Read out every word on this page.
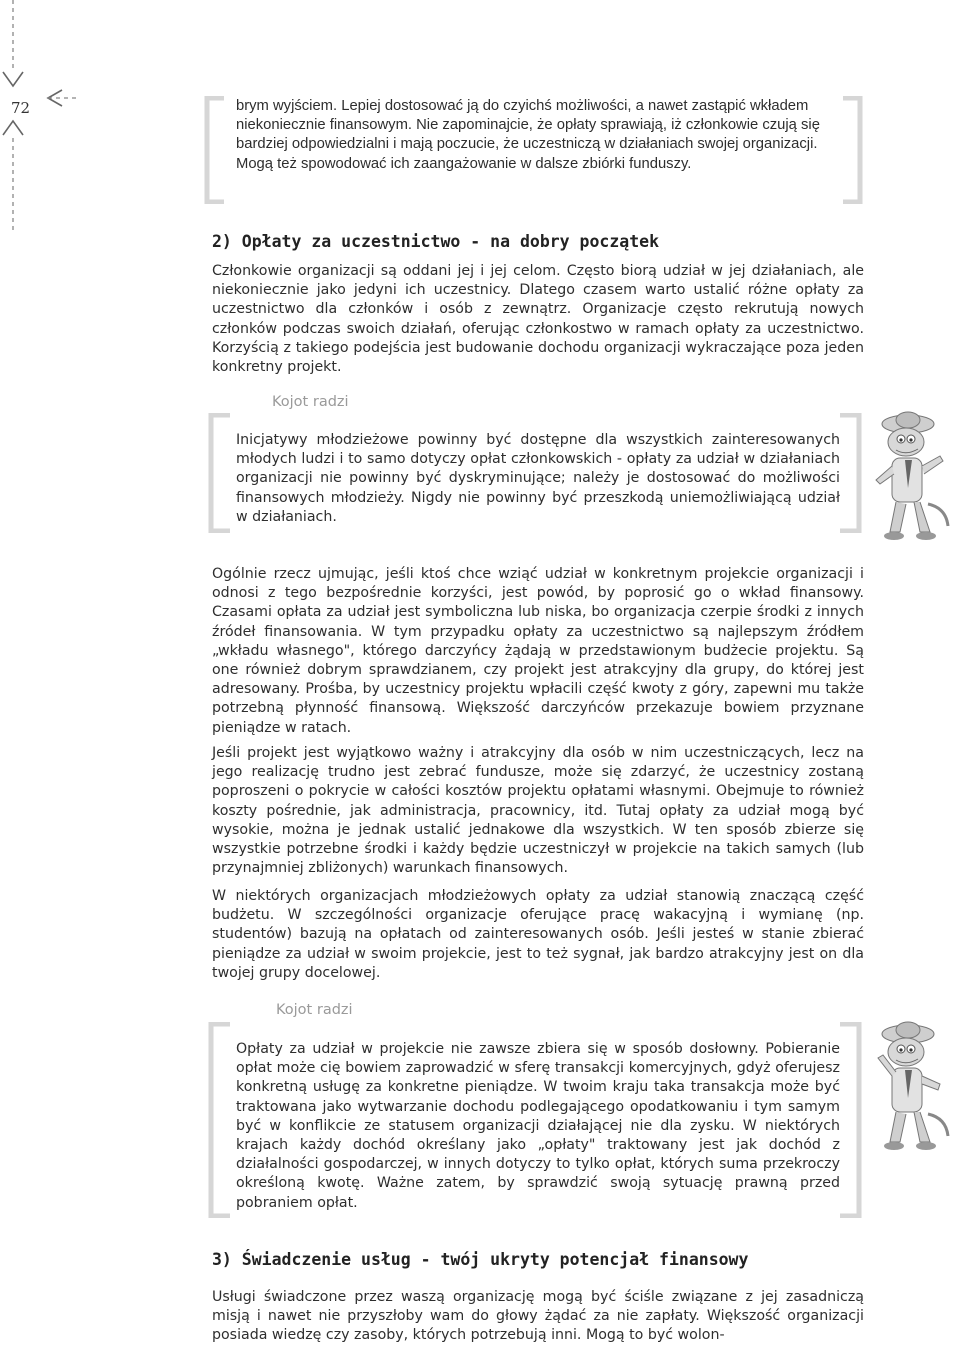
72	brym wyjściem. Lepiej dostosować ją do czyichś możliwości, a nawet zastąpić wkładem niekoniecznie finansowym. Nie zapominajcie, że opłaty sprawiają, iż członkowie czują się bardziej odpowiedzialni i mają poczucie, że uczestniczą w działaniach swojej organizacji. Mogą też spowodować ich zaangażowanie w dalsze zbiórki funduszy.

2) Opłaty za uczestnictwo - na dobry początek

Członkowie organizacji są oddani jej i jej celom. Często biorą udział w jej działaniach, ale niekoniecznie jako jedyni ich uczestnicy. Dlatego czasem warto ustalić różne opłaty za uczestnictwo dla członków i osób z zewnątrz. Organizacje często rekrutują nowych członków podczas swoich działań, oferując członkostwo w ramach opłaty za uczestnictwo. Korzyścią z takiego podejścia jest budowanie dochodu organizacji wykraczające poza jeden konkretny projekt.

Kojot radzi

Inicjatywy młodzieżowe powinny być dostępne dla wszystkich zainteresowanych młodych ludzi i to samo dotyczy opłat członkowskich - opłaty za udział w działaniach organizacji nie powinny być dyskryminujące; należy je dostosować do możliwości finansowych młodzieży. Nigdy nie powinny być przeszkodą uniemożliwiającą udział w działaniach.

Ogólnie rzecz ujmując, jeśli ktoś chce wziąć udział w konkretnym projekcie organizacji i odnosi z tego bezpośrednie korzyści, jest powód, by poprosić go o wkład finansowy. Czasami opłata za udział jest symboliczna lub niska, bo organizacja czerpie środki z innych źródeł finansowania. W tym przypadku opłaty za uczestnictwo są najlepszym źródłem „wkładu własnego", którego darczyńcy żądają w przedstawionym budżecie projektu. Są one również dobrym sprawdzianem, czy projekt jest atrakcyjny dla grupy, do której jest adresowany. Prośba, by uczestnicy projektu wpłacili część kwoty z góry, zapewni mu także potrzebną płynność finansową. Większość darczyńców przekazuje bowiem przyznane pieniądze w ratach.

Jeśli projekt jest wyjątkowo ważny i atrakcyjny dla osób w nim uczestniczących, lecz na jego realizację trudno jest zebrać fundusze, może się zdarzyć, że uczestnicy zostaną poproszeni o pokrycie w całości kosztów projektu opłatami własnymi. Obejmuje to również koszty pośrednie, jak administracja, pracownicy, itd. Tutaj opłaty za udział mogą być wysokie, można je jednak ustalić jednakowe dla wszystkich. W ten sposób zbierze się wszystkie potrzebne środki i każdy będzie uczestniczył w projekcie na takich samych (lub przynajmniej zbliżonych) warunkach finansowych.

W niektórych organizacjach młodzieżowych opłaty za udział stanowią znaczącą część budżetu. W szczególności organizacje oferujące pracę wakacyjną i wymianę (np. studentów) bazują na opłatach od zainteresowanych osób. Jeśli jesteś w stanie zbierać pieniądze za udział w swoim projekcie, jest to też sygnał, jak bardzo atrakcyjny jest on dla twojej grupy docelowej.

Kojot radzi

Opłaty za udział w projekcie nie zawsze zbiera się w sposób dosłowny. Pobieranie opłat może cię bowiem zaprowadzić w sferę transakcji komercyjnych, gdyż oferujesz konkretną usługę za konkretne pieniądze. W twoim kraju taka transakcja może być traktowana jako wytwarzanie dochodu podlegającego opodatkowaniu i tym samym być w konflikcie ze statusem organizacji działającej nie dla zysku. W niektórych krajach każdy dochód określany jako „opłaty" traktowany jest jak dochód z działalności gospodarczej, w innych dotyczy to tylko opłat, których suma przekroczy określoną kwotę. Ważne zatem, by sprawdzić swoją sytuację prawną przed pobraniem opłat.

3) Świadczenie usług - twój ukryty potencjał finansowy

Usługi świadczone przez waszą organizację mogą być ściśle związane z jej zasadniczą misją i nawet nie przyszłoby wam do głowy żądać za nie zapłaty. Większość organizacji posiada wiedzę czy zasoby, których potrzebują inni. Mogą to być wolon-
